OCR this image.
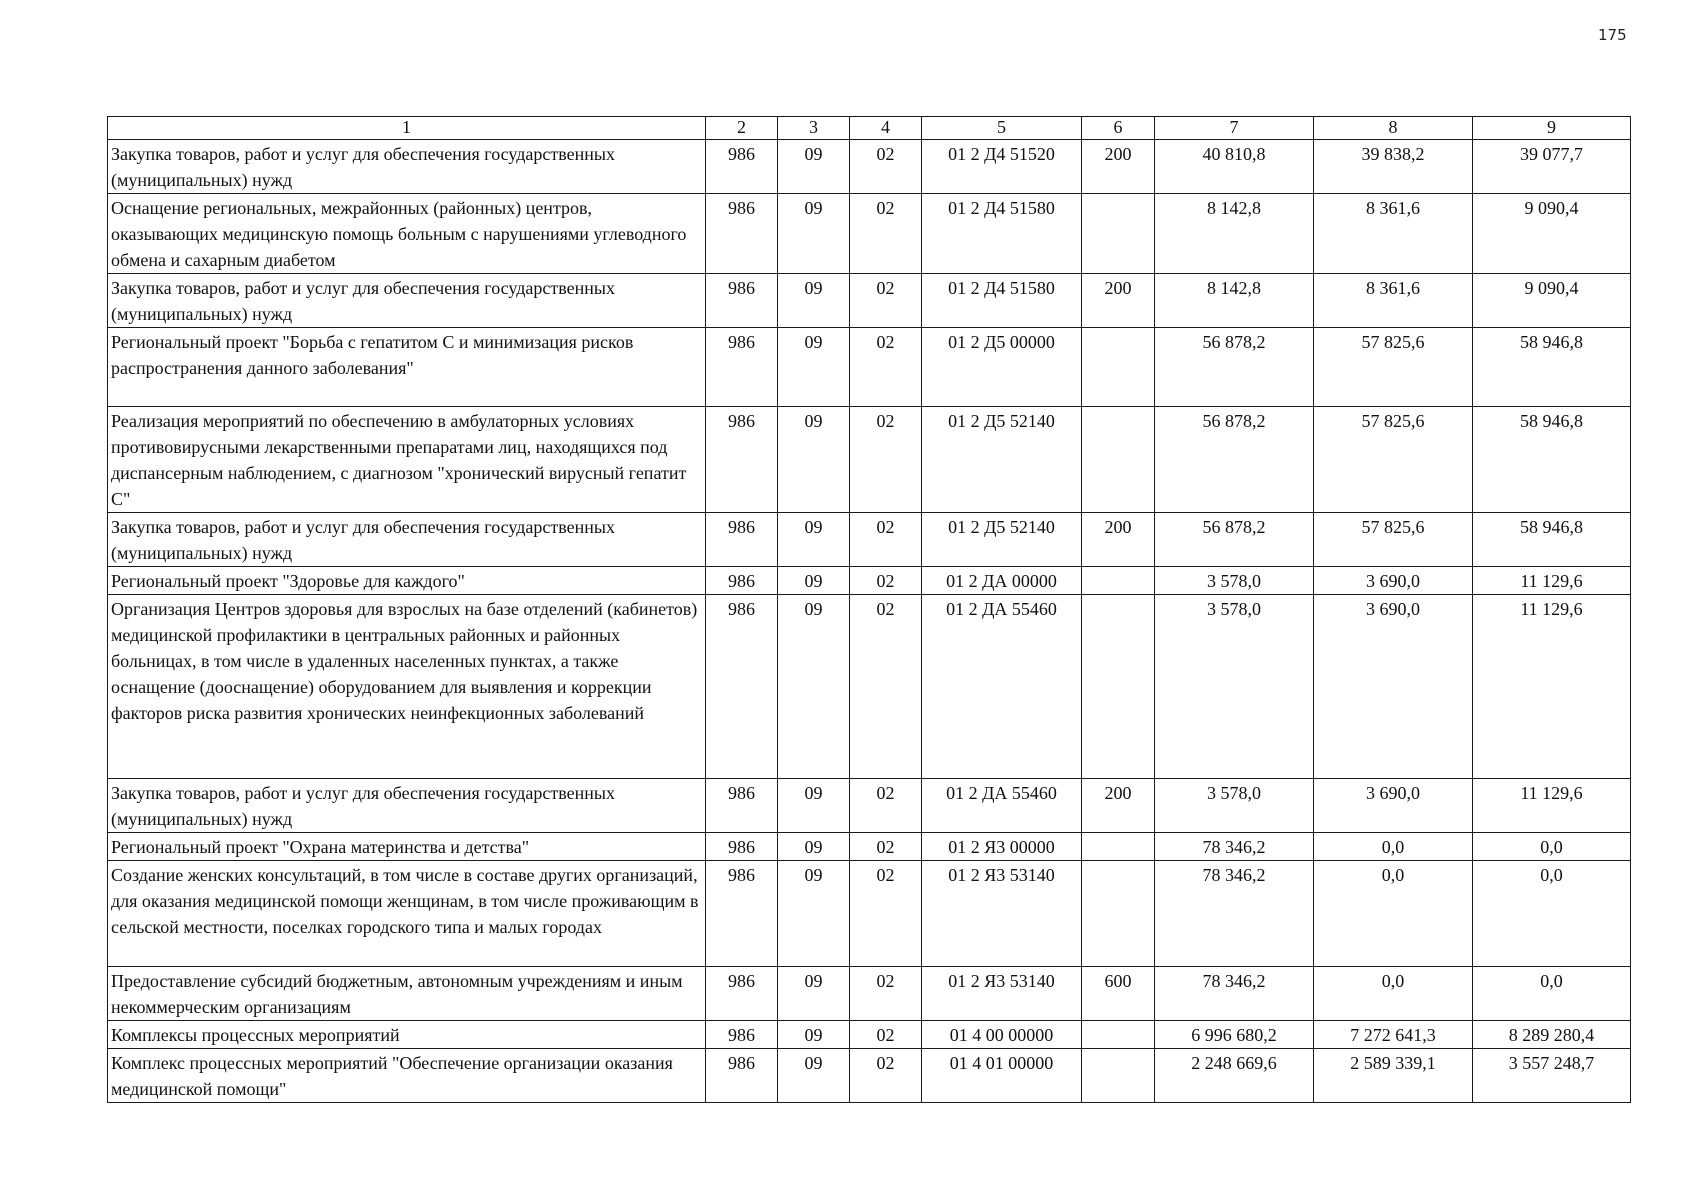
175
1	2	3	4	5	6	7	8	9
Закупка товаров, работ и услуг для обеспечения государственных (муниципальных) нужд	986	09	02	01 2 Д4 51520	200	40 810,8	39 838,2	39 077,7
Оснащение региональных, межрайонных (районных) центров, оказывающих медицинскую помощь больным с нарушениями углеводного обмена и сахарным диабетом	986	09	02	01 2 Д4 51580		8 142,8	8 361,6	9 090,4
Закупка товаров, работ и услуг для обеспечения государственных (муниципальных) нужд	986	09	02	01 2 Д4 51580	200	8 142,8	8 361,6	9 090,4
Региональный проект "Борьба с гепатитом С и минимизация рисков распространения данного заболевания"	986	09	02	01 2 Д5 00000		56 878,2	57 825,6	58 946,8
Реализация мероприятий по обеспечению в амбулаторных условиях противовирусными лекарственными препаратами лиц, находящихся под диспансерным наблюдением, с диагнозом "хронический вирусный гепатит С"	986	09	02	01 2 Д5 52140		56 878,2	57 825,6	58 946,8
Закупка товаров, работ и услуг для обеспечения государственных (муниципальных) нужд	986	09	02	01 2 Д5 52140	200	56 878,2	57 825,6	58 946,8
Региональный проект "Здоровье для каждого"	986	09	02	01 2 ДА 00000		3 578,0	3 690,0	11 129,6
Организация Центров здоровья для взрослых на базе отделений (кабинетов) медицинской профилактики в центральных районных и районных больницах, в том числе в удаленных населенных пунктах, а также оснащение (дооснащение) оборудованием для выявления и коррекции факторов риска развития хронических неинфекционных заболеваний	986	09	02	01 2 ДА 55460		3 578,0	3 690,0	11 129,6
Закупка товаров, работ и услуг для обеспечения государственных (муниципальных) нужд	986	09	02	01 2 ДА 55460	200	3 578,0	3 690,0	11 129,6
Региональный проект "Охрана материнства и детства"	986	09	02	01 2 Я3 00000		78 346,2	0,0	0,0
Создание женских консультаций, в том числе в составе других организаций, для оказания медицинской помощи женщинам, в том числе проживающим в сельской местности, поселках городского типа и малых городах	986	09	02	01 2 Я3 53140		78 346,2	0,0	0,0
Предоставление субсидий бюджетным, автономным учреждениям и иным некоммерческим организациям	986	09	02	01 2 Я3 53140	600	78 346,2	0,0	0,0
Комплексы процессных мероприятий	986	09	02	01 4 00 00000		6 996 680,2	7 272 641,3	8 289 280,4
Комплекс процессных мероприятий "Обеспечение организации оказания медицинской помощи"	986	09	02	01 4 01 00000		2 248 669,6	2 589 339,1	3 557 248,7
